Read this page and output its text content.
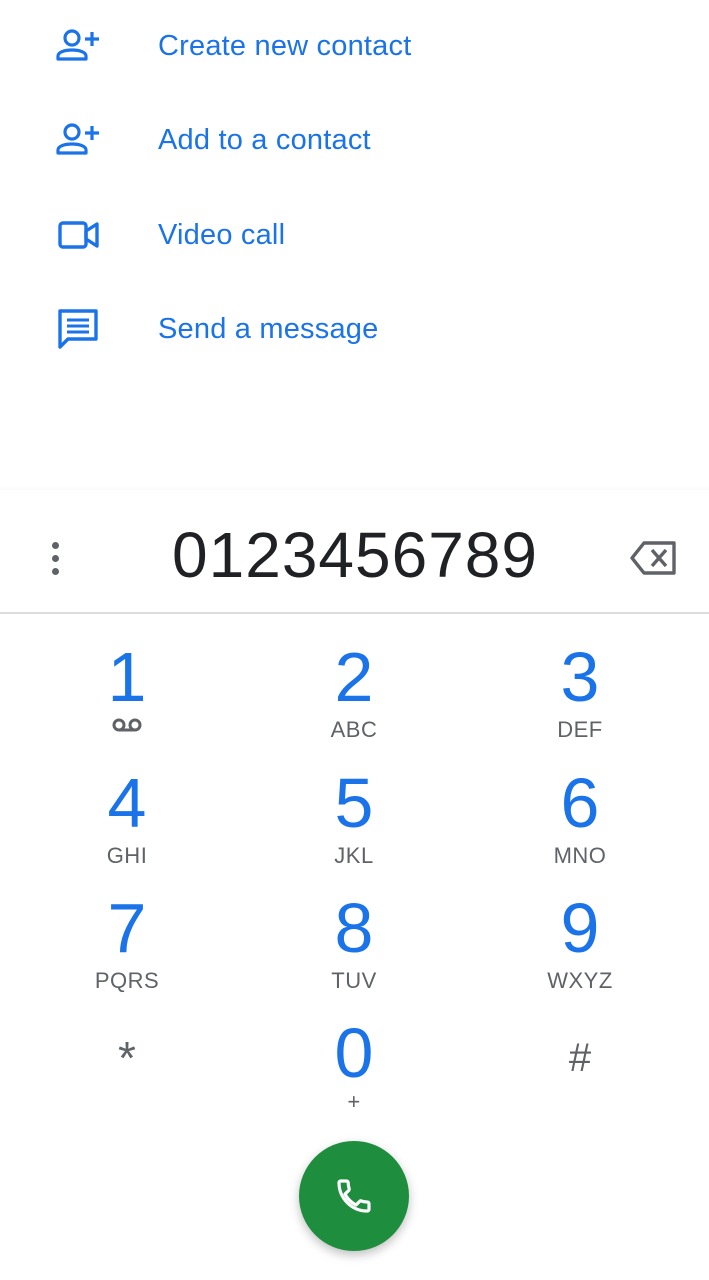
Create new contact
Add to a contact
Video call
Send a message
0123456789
1	2
ABC
3
DEF
4
GHI
5
JKL
6
MNO
7
PQRS
8
TUV
9
WXYZ
*	0
+
#
